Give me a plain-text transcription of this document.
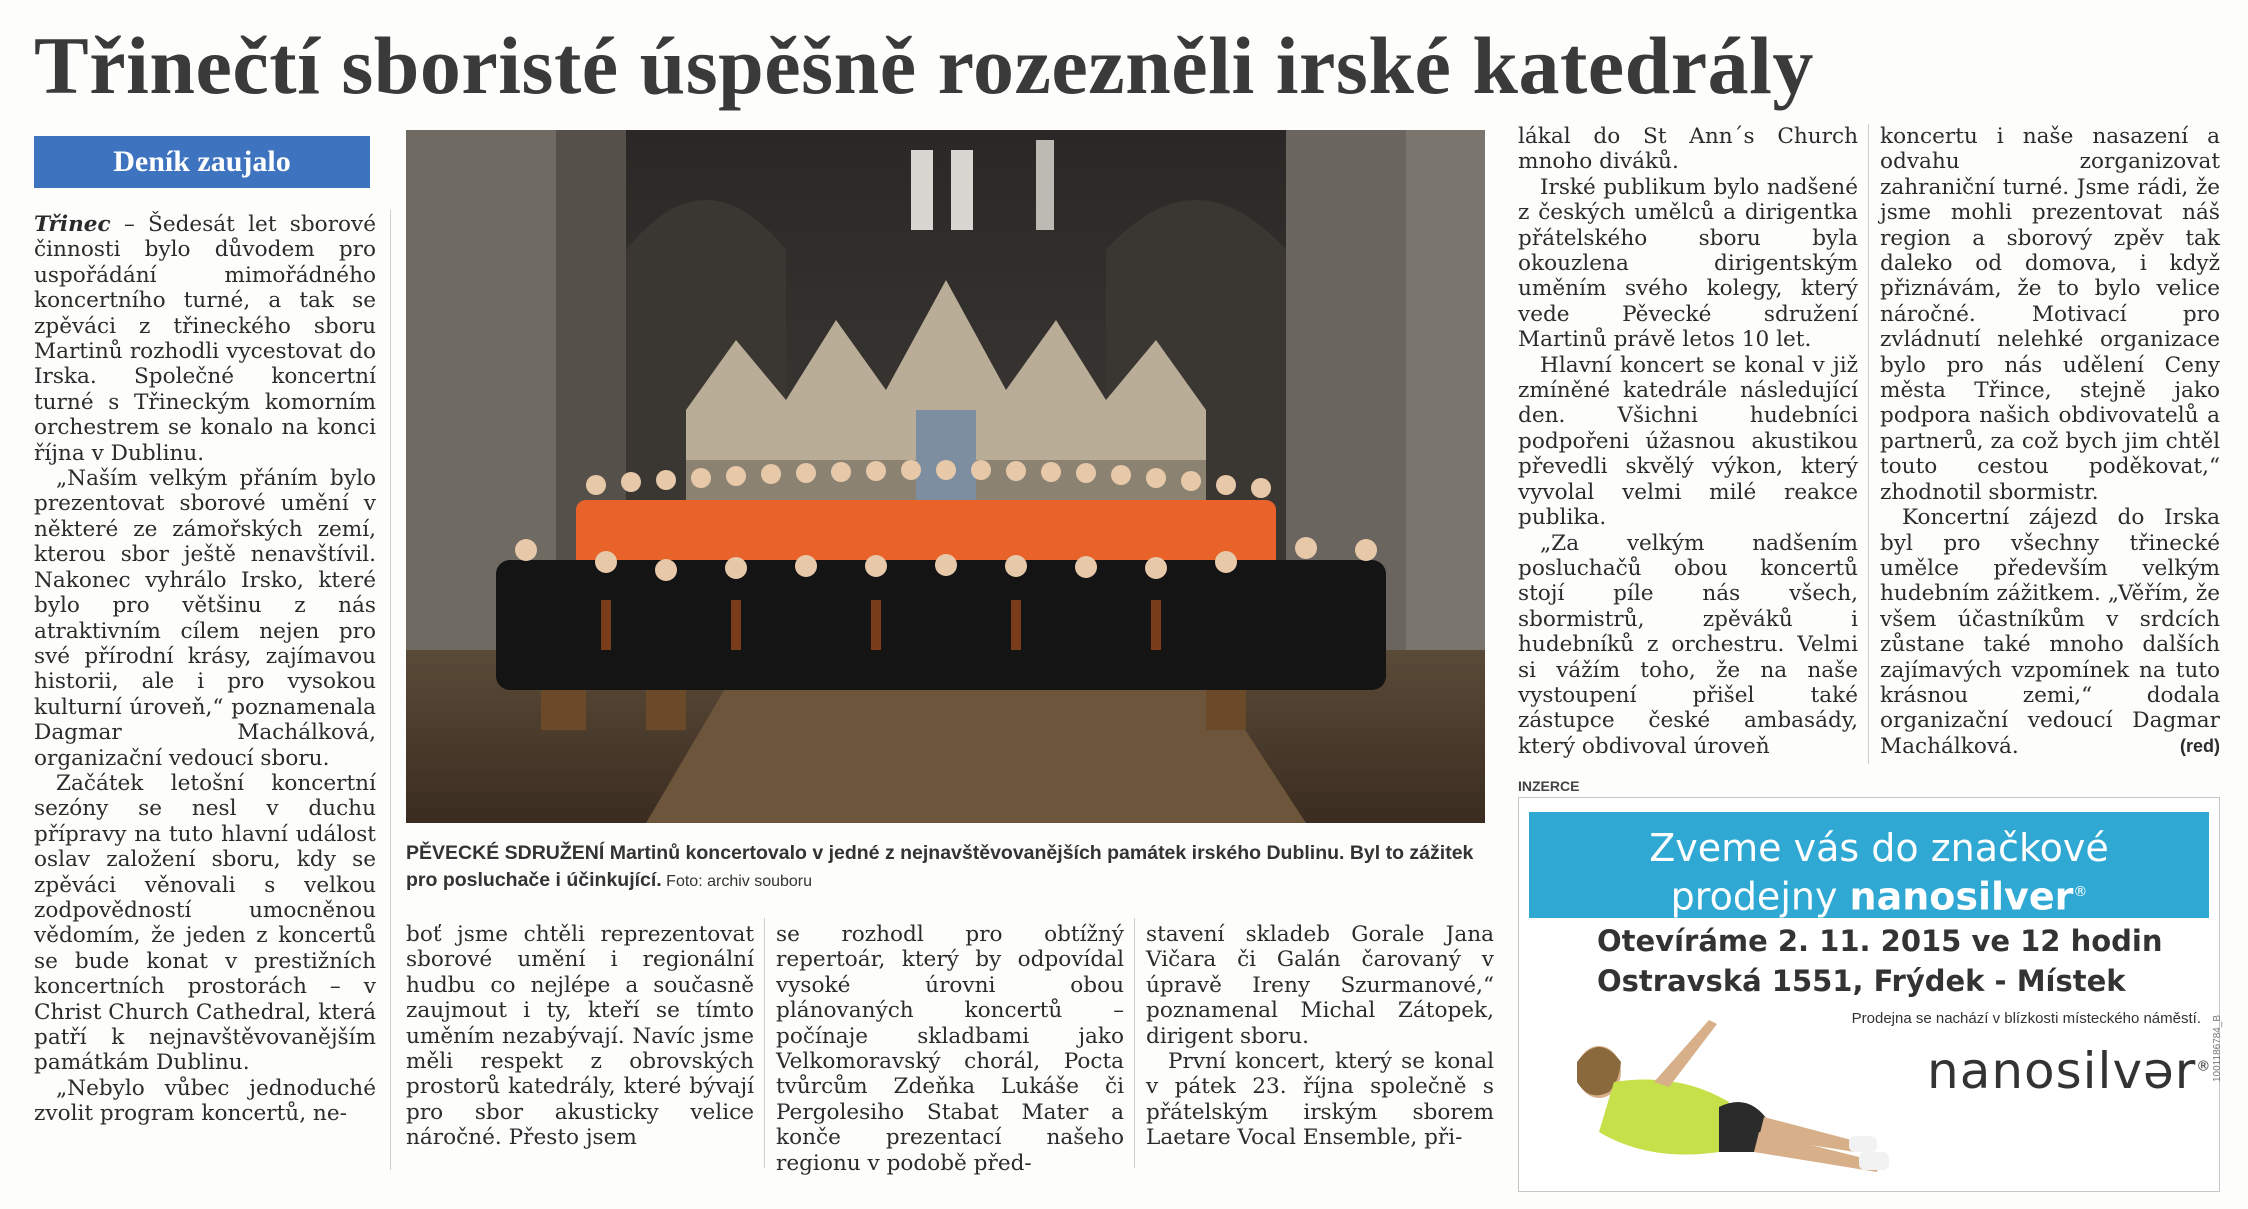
Třinečtí sboristé úspěšně rozezněli irské katedrály
Deník zaujalo

Třinec – Šedesát let sborové činnosti bylo důvodem pro uspořádání mimořádného koncertního turné, a tak se zpěváci z třineckého sboru Martinů rozhodli vycestovat do Irska. Společné koncertní turné s Třineckým komorním orchestrem se konalo na konci října v Dublinu.

„Naším velkým přáním bylo prezentovat sborové umění v některé ze zámořských zemí, kterou sbor ještě nenavštívil. Nakonec vyhrálo Irsko, které bylo pro většinu z nás atraktivním cílem nejen pro své přírodní krásy, zajímavou historii, ale i pro vysokou kulturní úroveň,“ poznamenala Dagmar Machálková, organizační vedoucí sboru.

Začátek letošní koncertní sezóny se nesl v duchu přípravy na tuto hlavní událost oslav založení sboru, kdy se zpěváci věnovali s velkou zodpovědností umocněnou vědomím, že jeden z koncertů se bude konat v prestižních koncertních prostorách – v Christ Church Cathedral, která patří k nejnavštěvovanějším památkám Dublinu.

„Nebylo vůbec jednoduché zvolit program koncertů, ne-

PĚVECKÉ SDRUŽENÍ Martinů koncertovalo v jedné z nejnavštěvovanějších památek irského Dublinu. Byl to zážitek pro posluchače i účinkující. Foto: archiv souboru

boť jsme chtěli reprezentovat sborové umění i regionální hudbu co nejlépe a současně zaujmout i ty, kteří se tímto uměním nezabývají. Navíc jsme měli respekt z obrovských prostorů katedrály, které bývají pro sbor akusticky velice náročné. Přesto jsem

se rozhodl pro obtížný repertoár, který by odpovídal vysoké úrovni obou plánovaných koncertů – počínaje skladbami jako Velkomoravský chorál, Pocta tvůrcům Zdeňka Lukáše či Pergolesiho Stabat Mater a konče prezentací našeho regionu v podobě před-

stavení skladeb Gorale Jana Vičara či Galán čarovaný v úpravě Ireny Szurmanové,“ poznamenal Michal Zátopek, dirigent sboru.

První koncert, který se konal v pátek 23. října společně s přátelským irským sborem Laetare Vocal Ensemble, při-

lákal do St Ann´s Church mnoho diváků.

Irské publikum bylo nadšené z českých umělců a dirigentka přátelského sboru byla okouzlena dirigentským uměním svého kolegy, který vede Pěvecké sdružení Martinů právě letos 10 let.

Hlavní koncert se konal v již zmíněné katedrále následující den. Všichni hudebníci podpořeni úžasnou akustikou převedli skvělý výkon, který vyvolal velmi milé reakce publika.

„Za velkým nadšením posluchačů obou koncertů stojí píle nás všech, sbormistrů, zpěváků i hudebníků z orchestru. Velmi si vážím toho, že na naše vystoupení přišel také zástupce české ambasády, který obdivoval úroveň

koncertu i naše nasazení a odvahu zorganizovat zahraniční turné. Jsme rádi, že jsme mohli prezentovat náš region a sborový zpěv tak daleko od domova, i když přiznávám, že to bylo velice náročné. Motivací pro zvládnutí nelehké organizace bylo pro nás udělení Ceny města Třince, stejně jako podpora našich obdivovatelů a partnerů, za což bych jim chtěl touto cestou poděkovat,“ zhodnotil sbormistr.

Koncertní zájezd do Irska byl pro všechny třinecké umělce především velkým hudebním zážitkem. „Věřím, že všem účastníkům v srdcích zůstane také mnoho dalších zajímavých vzpomínek na tuto krásnou zemi,“ dodala organizační vedoucí Dagmar Machálková.	(red)

INZERCE
Zveme vás do značkové
prodejny nanosilver®
Otevíráme 2. 11. 2015 ve 12 hodin
Ostravská 1551, Frýdek - Místek
Prodejna se nachází v blízkosti místeckého náměstí.
nanosilvər® 1001186784_B
